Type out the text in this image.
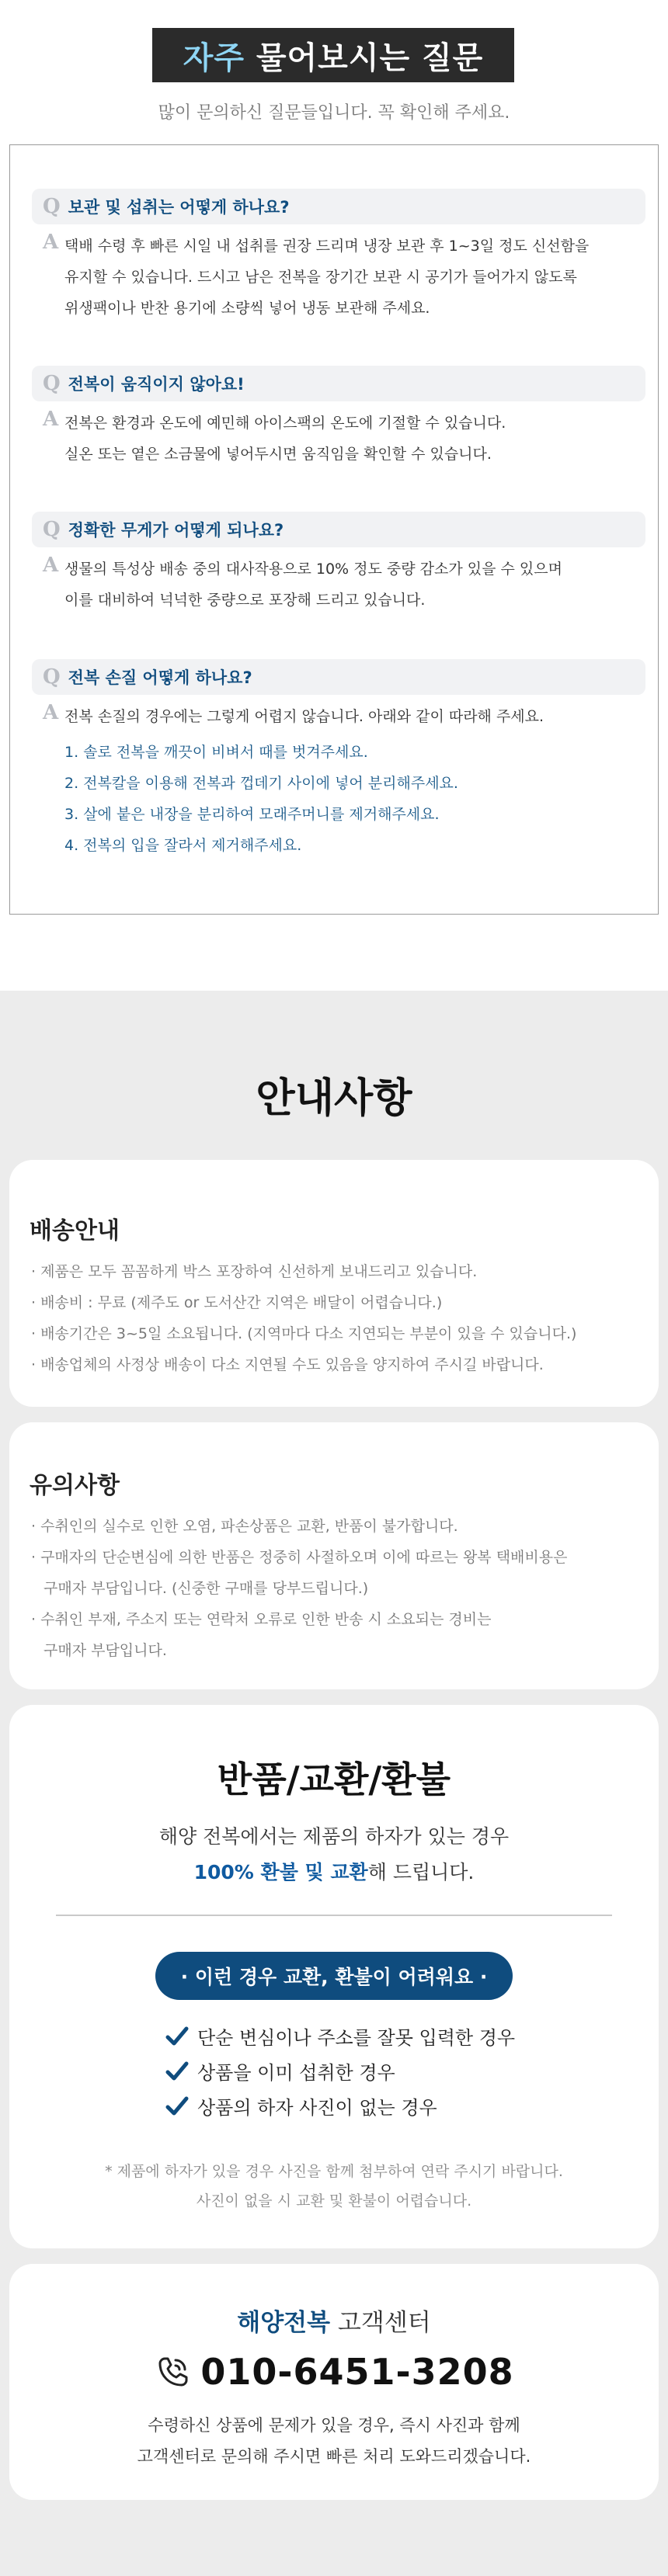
자주 물어보시는 질문
많이 문의하신 질문들입니다. 꼭 확인해 주세요.
Q 보관 및 섭취는 어떻게 하나요?
A 택배 수령 후 빠른 시일 내 섭취를 권장 드리며 냉장 보관 후 1~3일 정도 신선함을
유지할 수 있습니다. 드시고 남은 전복을 장기간 보관 시 공기가 들어가지 않도록
위생팩이나 반찬 용기에 소량씩 넣어 냉동 보관해 주세요.
Q 전복이 움직이지 않아요!
A 전복은 환경과 온도에 예민해 아이스팩의 온도에 기절할 수 있습니다.
실온 또는 옅은 소금물에 넣어두시면 움직임을 확인할 수 있습니다.
Q 정확한 무게가 어떻게 되나요?
A 생물의 특성상 배송 중의 대사작용으로 10% 정도 중량 감소가 있을 수 있으며
이를 대비하여 넉넉한 중량으로 포장해 드리고 있습니다.
Q 전복 손질 어떻게 하나요?
A 전복 손질의 경우에는 그렇게 어렵지 않습니다. 아래와 같이 따라해 주세요.
1. 솔로 전복을 깨끗이 비벼서 때를 벗겨주세요.
2. 전복칼을 이용해 전복과 껍데기 사이에 넣어 분리해주세요.
3. 살에 붙은 내장을 분리하여 모래주머니를 제거해주세요.
4. 전복의 입을 잘라서 제거해주세요.
안내사항
배송안내
· 제품은 모두 꼼꼼하게 박스 포장하여 신선하게 보내드리고 있습니다.
· 배송비 : 무료 (제주도 or 도서산간 지역은 배달이 어렵습니다.)
· 배송기간은 3~5일 소요됩니다. (지역마다 다소 지연되는 부분이 있을 수 있습니다.)
· 배송업체의 사정상 배송이 다소 지연될 수도 있음을 양지하여 주시길 바랍니다.
유의사항
· 수취인의 실수로 인한 오염, 파손상품은 교환, 반품이 불가합니다.
· 구매자의 단순변심에 의한 반품은 정중히 사절하오며 이에 따르는 왕복 택배비용은
구매자 부담입니다. (신중한 구매를 당부드립니다.)
· 수취인 부재, 주소지 또는 연락처 오류로 인한 반송 시 소요되는 경비는
구매자 부담입니다.
반품/교환/환불
해양 전복에서는 제품의 하자가 있는 경우
100% 환불 및 교환해 드립니다.
· 이런 경우 교환, 환불이 어려워요 ·
단순 변심이나 주소를 잘못 입력한 경우
상품을 이미 섭취한 경우
상품의 하자 사진이 없는 경우
* 제품에 하자가 있을 경우 사진을 함께 첨부하여 연락 주시기 바랍니다.
사진이 없을 시 교환 및 환불이 어렵습니다.
해양전복 고객센터
010-6451-3208
수령하신 상품에 문제가 있을 경우, 즉시 사진과 함께
고객센터로 문의해 주시면 빠른 처리 도와드리겠습니다.
